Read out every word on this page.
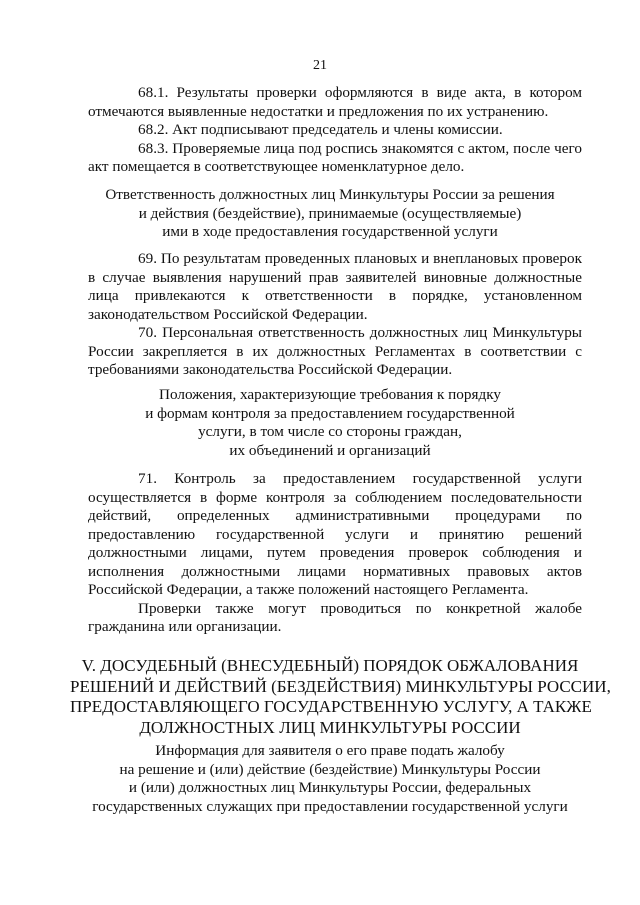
21

68.1. Результаты проверки оформляются в виде акта, в котором отмечаются выявленные недостатки и предложения по их устранению.

68.2. Акт подписывают председатель и члены комиссии.

68.3. Проверяемые лица под роспись знакомятся с актом, после чего акт помещается в соответствующее номенклатурное дело.

Ответственность должностных лиц Минкультуры России за решения
и действия (бездействие), принимаемые (осуществляемые)
ими в ходе предоставления государственной услуги

69. По результатам проведенных плановых и внеплановых проверок в случае выявления нарушений прав заявителей виновные должностные лица привлекаются к ответственности в порядке, установленном законодательством Российской Федерации.

70. Персональная ответственность должностных лиц Минкультуры России закрепляется в их должностных Регламентах в соответствии с требованиями законодательства Российской Федерации.

Положения, характеризующие требования к порядку
и формам контроля за предоставлением государственной
услуги, в том числе со стороны граждан,
их объединений и организаций

71. Контроль за предоставлением государственной услуги осуществляется в форме контроля за соблюдением последовательности действий, определенных административными процедурами по предоставлению государственной услуги и принятию решений должностными лицами, путем проведения проверок соблюдения и исполнения должностными лицами нормативных правовых актов Российской Федерации, а также положений настоящего Регламента.

Проверки также могут проводиться по конкретной жалобе гражданина или организации.

V. ДОСУДЕБНЫЙ (ВНЕСУДЕБНЫЙ) ПОРЯДОК ОБЖАЛОВАНИЯ
РЕШЕНИЙ И ДЕЙСТВИЙ (БЕЗДЕЙСТВИЯ) МИНКУЛЬТУРЫ РОССИИ,
ПРЕДОСТАВЛЯЮЩЕГО ГОСУДАРСТВЕННУЮ УСЛУГУ, А ТАКЖЕ
ДОЛЖНОСТНЫХ ЛИЦ МИНКУЛЬТУРЫ РОССИИ
Информация для заявителя о его праве подать жалобу
на решение и (или) действие (бездействие) Минкультуры России
и (или) должностных лиц Минкультуры России, федеральных
государственных служащих при предоставлении государственной услуги
